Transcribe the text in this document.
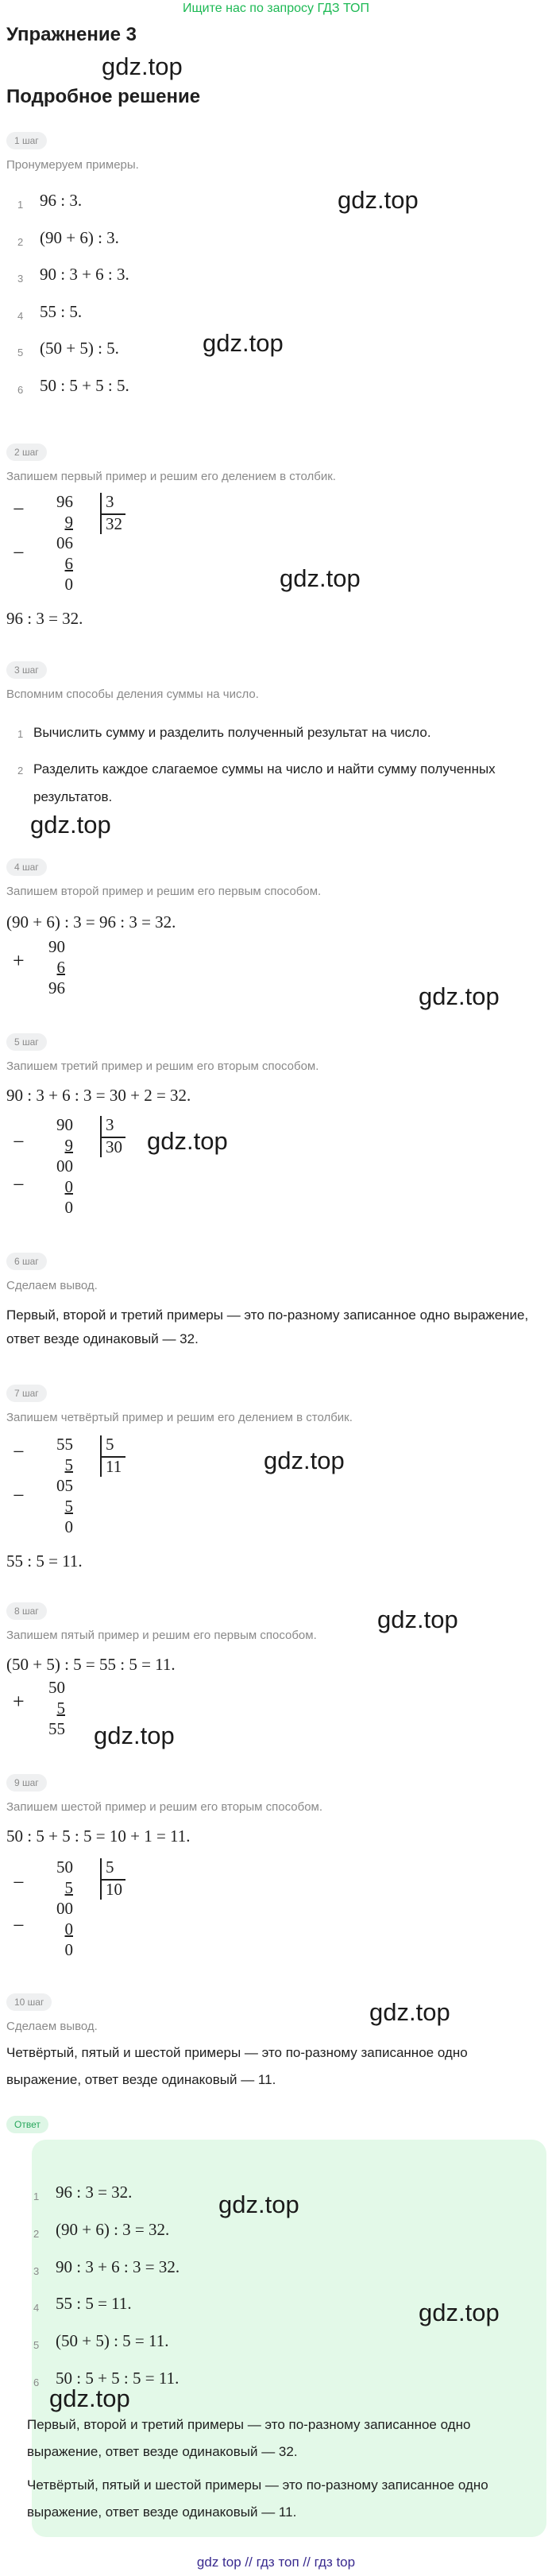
Ищите нас по запросу ГДЗ ТОП
Упражнение 3
gdz.top
Подробное решение
1 шаг
Пронумеруем примеры.
gdz.top
1 96 : 3.
2 (90 + 6) : 3.
3 90 : 3 + 6 : 3.
4 55 : 5.
gdz.top
5 (50 + 5) : 5.
6 50 : 5 + 5 : 5.
2 шаг
Запишем первый пример и решим его делением в столбик.
−	96
9
−	06
6
0
3
32
gdz.top
96 : 3 = 32.
3 шаг
Вспомним способы деления суммы на число.
1 Вычислить сумму и разделить полученный результат на число.
2 Разделить каждое слагаемое суммы на число и найти сумму полученных
результатов.
gdz.top
4 шаг
Запишем второй пример и решим его первым способом.
(90 + 6) : 3 = 96 : 3 = 32.
+
90
6
96	gdz.top
5 шаг
Запишем третий пример и решим его вторым способом.
90 : 3 + 6 : 3 = 30 + 2 = 32.
−
90
9
−
00
0
0
3
30 gdz.top
6 шаг
Сделаем вывод.
Первый, второй и третий примеры — это по-разному записанное одно выражение, ответ везде одинаковый — 32.
7 шаг
Запишем четвёртый пример и решим его делением в столбик.
−	55
5
−	05
5
0
5
11	gdz.top
55 : 5 = 11.
8 шаг	gdz.top
Запишем пятый пример и решим его первым способом.
(50 + 5) : 5 = 55 : 5 = 11.
+
50
5
55 gdz.top
9 шаг
Запишем шестой пример и решим его вторым способом.
50 : 5 + 5 : 5 = 10 + 1 = 11.
−
50
5
−
00
0
0
5
10
10 шаг	gdz.top
Сделаем вывод.
Четвёртый, пятый и шестой примеры — это по-разному записанное одно
выражение, ответ везде одинаковый — 11.
Ответ
1 96 : 3 = 32.	gdz.top
2 (90 + 6) : 3 = 32.
3 90 : 3 + 6 : 3 = 32.
4 55 : 5 = 11.	gdz.top
5 (50 + 5) : 5 = 11.
6 50 : 5 + 5 : 5 = 11.
gdz.top
Первый, второй и третий примеры — это по-разному записанное одно
выражение, ответ везде одинаковый — 32.
Четвёртый, пятый и шестой примеры — это по-разному записанное одно
выражение, ответ везде одинаковый — 11.
gdz top // гдз топ // гдз top
